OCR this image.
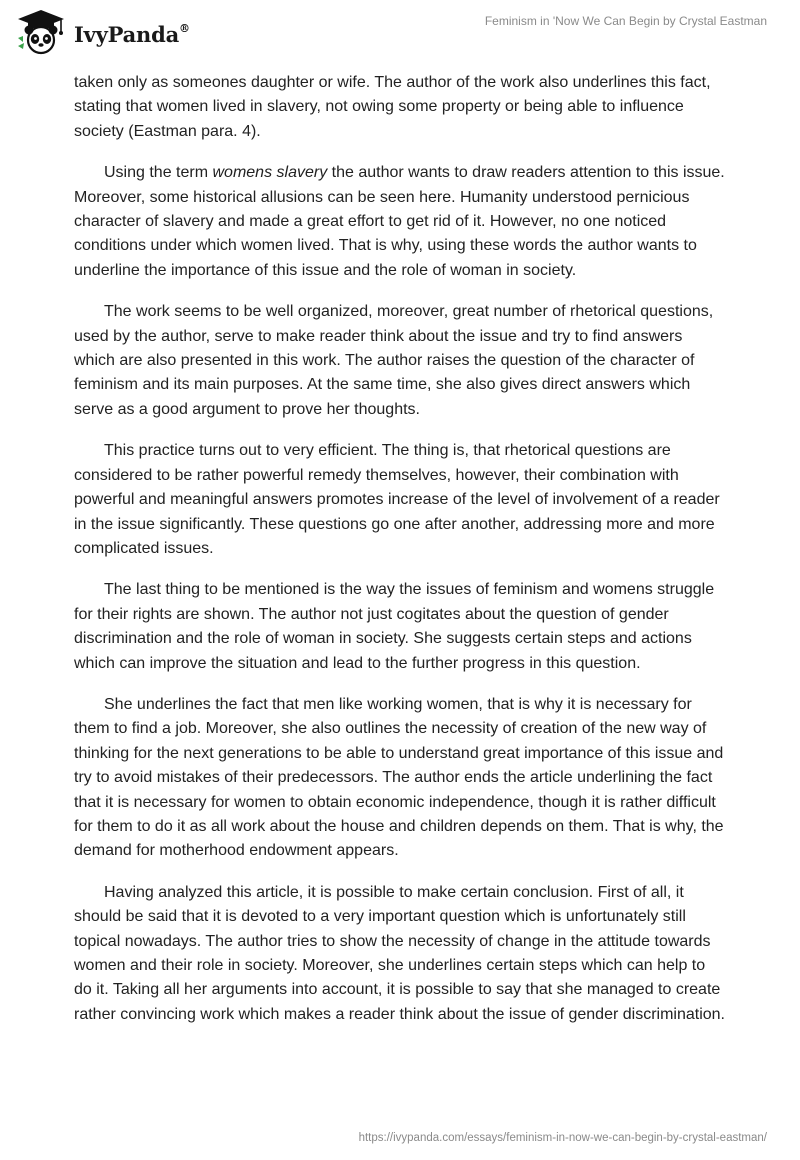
IvyPanda®	Feminism in 'Now We Can Begin by Crystal Eastman

taken only as someones daughter or wife. The author of the work also underlines this fact, stating that women lived in slavery, not owing some property or being able to influence society (Eastman para. 4).

Using the term womens slavery the author wants to draw readers attention to this issue. Moreover, some historical allusions can be seen here. Humanity understood pernicious character of slavery and made a great effort to get rid of it. However, no one noticed conditions under which women lived. That is why, using these words the author wants to underline the importance of this issue and the role of woman in society.

The work seems to be well organized, moreover, great number of rhetorical questions, used by the author, serve to make reader think about the issue and try to find answers which are also presented in this work. The author raises the question of the character of feminism and its main purposes. At the same time, she also gives direct answers which serve as a good argument to prove her thoughts.

This practice turns out to very efficient. The thing is, that rhetorical questions are considered to be rather powerful remedy themselves, however, their combination with powerful and meaningful answers promotes increase of the level of involvement of a reader in the issue significantly. These questions go one after another, addressing more and more complicated issues.

The last thing to be mentioned is the way the issues of feminism and womens struggle for their rights are shown. The author not just cogitates about the question of gender discrimination and the role of woman in society. She suggests certain steps and actions which can improve the situation and lead to the further progress in this question.

She underlines the fact that men like working women, that is why it is necessary for them to find a job. Moreover, she also outlines the necessity of creation of the new way of thinking for the next generations to be able to understand great importance of this issue and try to avoid mistakes of their predecessors. The author ends the article underlining the fact that it is necessary for women to obtain economic independence, though it is rather difficult for them to do it as all work about the house and children depends on them. That is why, the demand for motherhood endowment appears.

Having analyzed this article, it is possible to make certain conclusion. First of all, it should be said that it is devoted to a very important question which is unfortunately still topical nowadays. The author tries to show the necessity of change in the attitude towards women and their role in society. Moreover, she underlines certain steps which can help to do it. Taking all her arguments into account, it is possible to say that she managed to create rather convincing work which makes a reader think about the issue of gender discrimination.

https://ivypanda.com/essays/feminism-in-now-we-can-begin-by-crystal-eastman/
